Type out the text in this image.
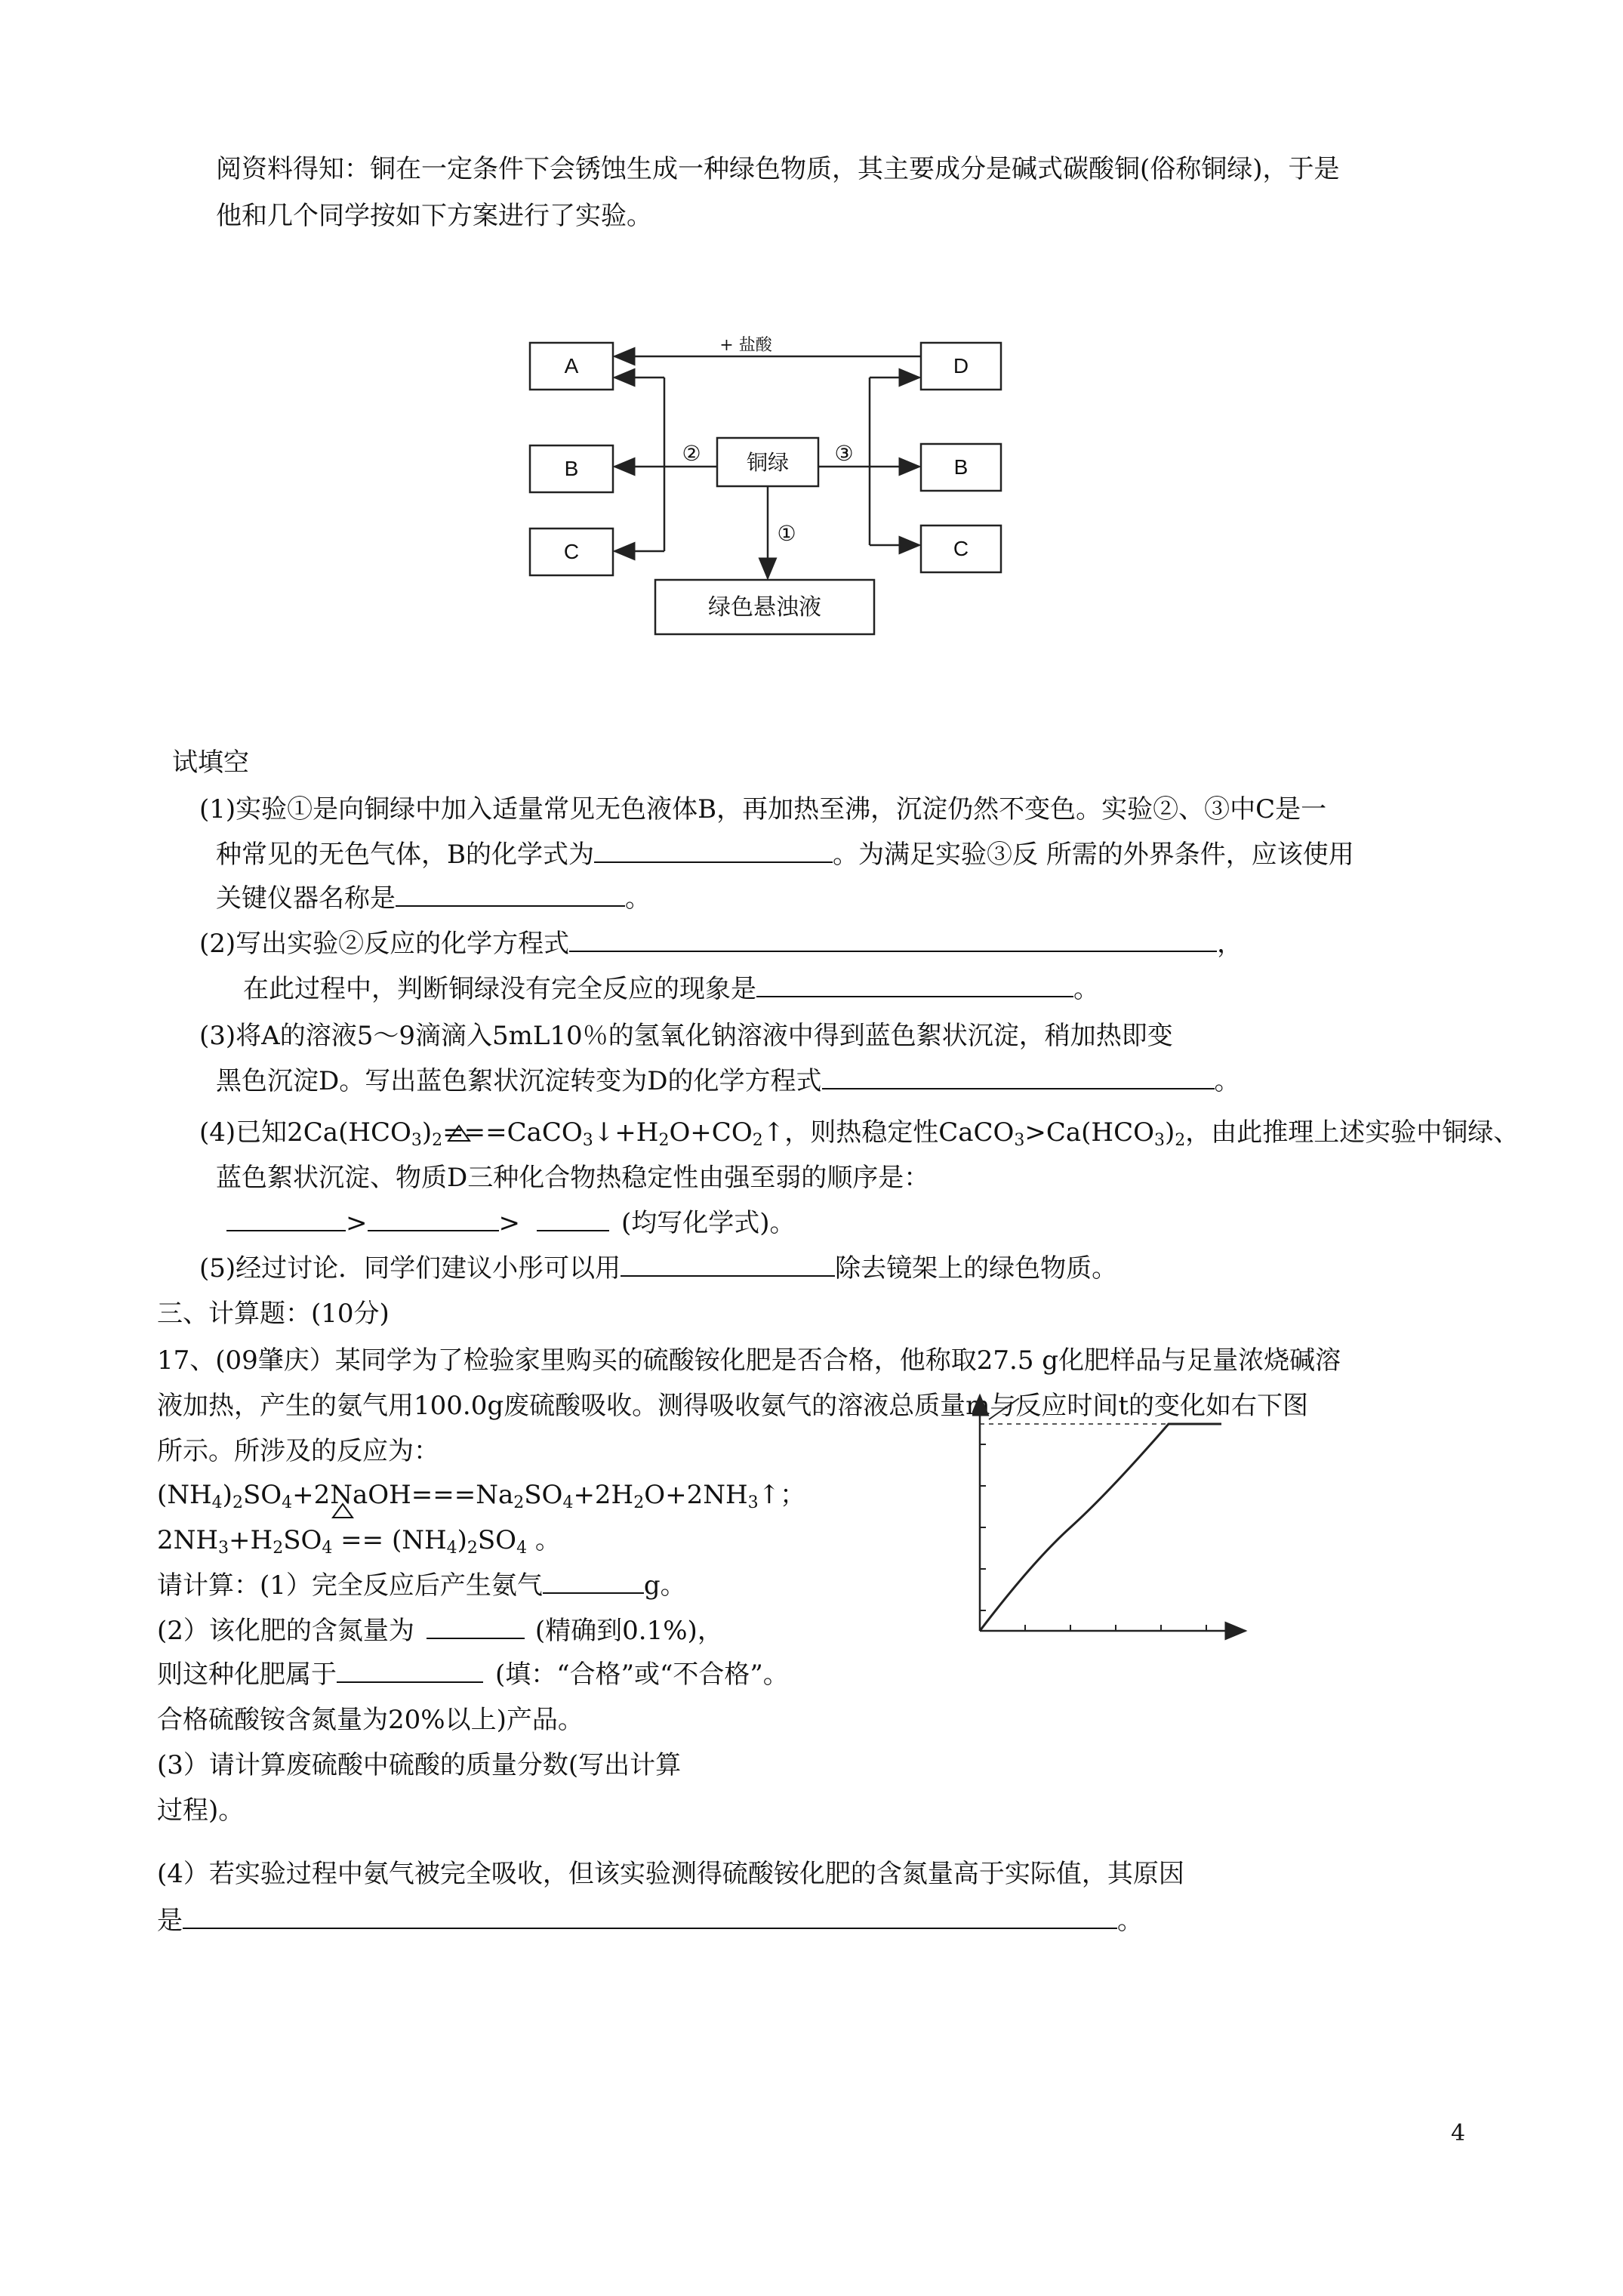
阅资料得知：铜在一定条件下会锈蚀生成一种绿色物质，其主要成分是碱式碳酸铜(俗称铜绿)，于是
他和几个同学按如下方案进行了实验。
A
B
C
D
B
C
铜绿
绿色悬浊液
+ 盐酸
②	③
①
试填空
(1)实验①是向铜绿中加入适量常见无色液体B，再加热至沸，沉淀仍然不变色。实验②、③中C是一
种常见的无色气体，B的化学式为	。为满足实验③反 所需的外界条件，应该使用
关键仪器名称是	。
(2)写出实验②反应的化学方程式	，
在此过程中，判断铜绿没有完全反应的现象是	。
(3)将A的溶液5～9滴滴入5mL10％的氢氧化钠溶液中得到蓝色絮状沉淀，稍加热即变
黑色沉淀D。写出蓝色絮状沉淀转变为D的化学方程式	。
(4)已知$2Ca(HCO_3)_2$
$===CaCO_3↓+H_2O+CO_2↑$，则热稳定性$CaCO_3>Ca(HCO_3)_2$，由此推理上述实验中铜绿、
蓝色絮状沉淀、物质D三种化合物热稳定性由强至弱的顺序是：
>	>	(均写化学式)。
(5)经过讨论．同学们建议小彤可以用	除去镜架上的绿色物质。
三、计算题：(10分)
17、(09肇庆）某同学为了检验家里购买的硫酸铵化肥是否合格，他称取27.5 g化肥样品与足量浓烧碱溶
液加热，产生的氨气用100.0g废硫酸吸收。测得吸收氨气的溶液总质量m与反应时间t的变化如右下图
所示。所涉及的反应为：
$(NH_4)_2SO_4+2NaOH===Na_2SO_4+2H_2O+2NH_3↑$；
$2NH_3+H_2SO_4 == (NH_4)_2SO_4$ 。
请计算：(1）完全反应后产生氨气	g。
(2）该化肥的含氮量为	(精确到0.1%)，
则这种化肥属于	(填：“合格”或“不合格”。
合格硫酸铵含氮量为20%以上)产品。
(3）请计算废硫酸中硫酸的质量分数(写出计算
过程)。
(4）若实验过程中氨气被完全吸收，但该实验测得硫酸铵化肥的含氮量高于实际值，其原因
是	。
4
